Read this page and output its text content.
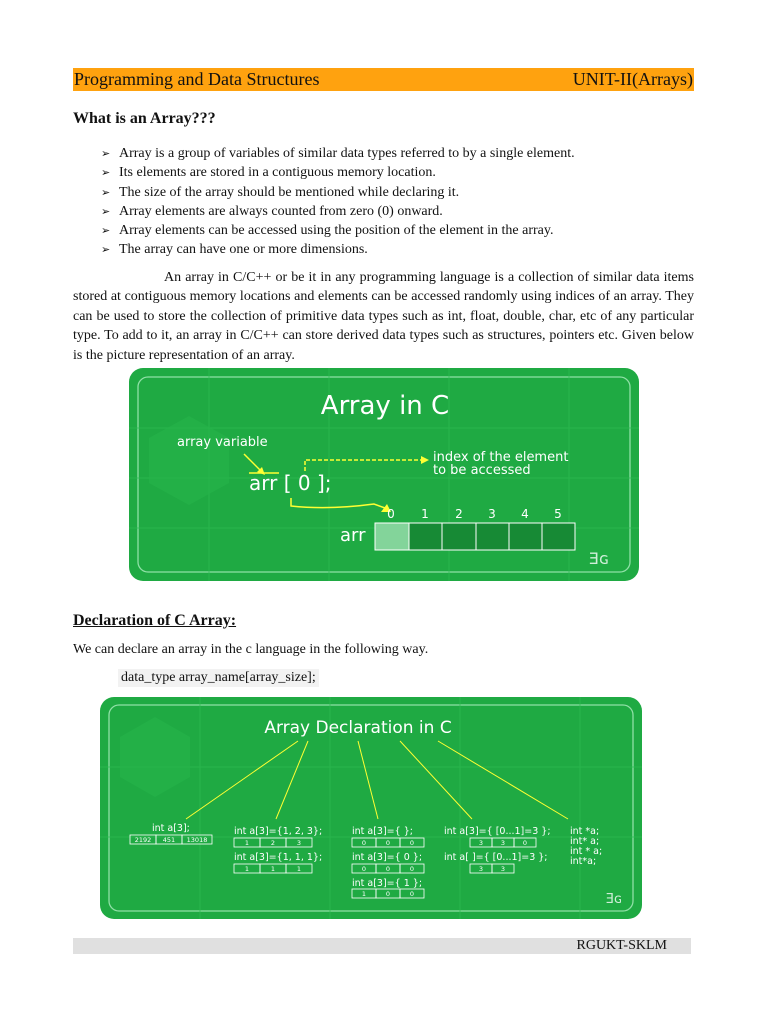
Programming and Data Structures	UNIT-II(Arrays)
What is an Array???
➢ Array is a group of variables of similar data types referred to by a single element.
➢ Its elements are stored in a contiguous memory location.
➢ The size of the array should be mentioned while declaring it.
➢ Array elements are always counted from zero (0) onward.
➢ Array elements can be accessed using the position of the element in the array.
➢ The array can have one or more dimensions.

An array in C/C++ or be it in any programming language is a collection of similar data items stored at contiguous memory locations and elements can be accessed randomly using indices of an array. They can be used to store the collection of primitive data types such as int, float, double, char, etc of any particular type. To add to it, an array in C/C++ can store derived data types such as structures, pointers etc. Given below is the picture representation of an array.

Array in C
array variable
arr [ 0 ];
index of the element
to be accessed
0 1 2 3 4 5
arr
Ǝɢ
Declaration of C Array:
We can declare an array in the c language in the following way.
data_type array_name[array_size];
Array Declaration in C
int a[3];	int a[3]={1, 2, 3};
int a[3]={1, 1, 1};
int a[3]={ };
int a[3]={ 0 };
int a[3]={ 1 };
int a[3]={ [0...1]=3 };
int a[ ]={ [0...1]=3 };
int *a;
int* a;
int * a;
int*a;
2192 451 13018	1	2	3
1	1	1
0	0	0
0	0	0
1	0	0
3	3	0
3	3
Ǝɢ
RGUKT-SKLM
